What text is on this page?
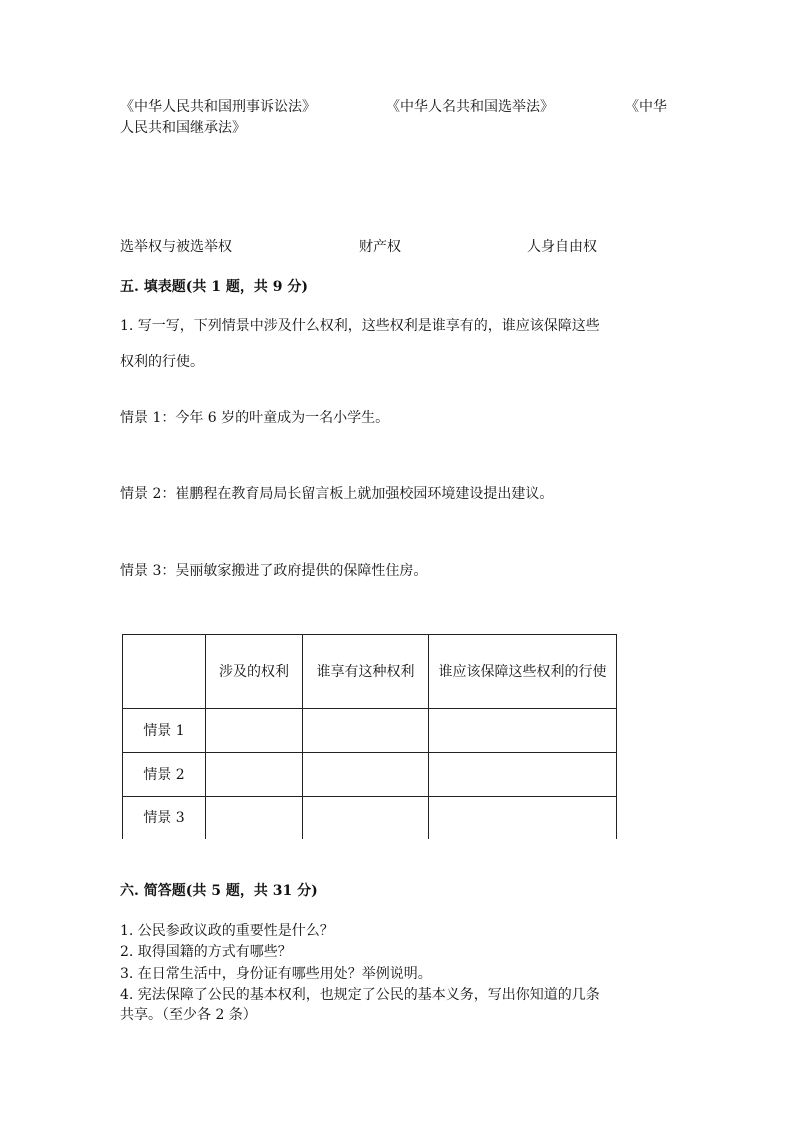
《中华人民共和国刑事诉讼法》	《中华人名共和国选举法》	《中华
人民共和国继承法》
选举权与被选举权	财产权	人身自由权
五. 填表题(共 1 题，共 9 分)
1. 写一写，下列情景中涉及什么权利，这些权利是谁享有的，谁应该保障这些
权利的行使。
情景 1：今年 6 岁的叶童成为一名小学生。
情景 2：崔鹏程在教育局局长留言板上就加强校园环境建设提出建议。
情景 3：吴丽敏家搬进了政府提供的保障性住房。
	涉及的权利	谁享有这种权利	谁应该保障这些权利的行使

情景 1			
情景 2			
情景 3			
六. 简答题(共 5 题，共 31 分)
1. 公民参政议政的重要性是什么？
2. 取得国籍的方式有哪些？
3. 在日常生活中，身份证有哪些用处？举例说明。
4. 宪法保障了公民的基本权利，也规定了公民的基本义务，写出你知道的几条
共享。（至少各 2 条）
